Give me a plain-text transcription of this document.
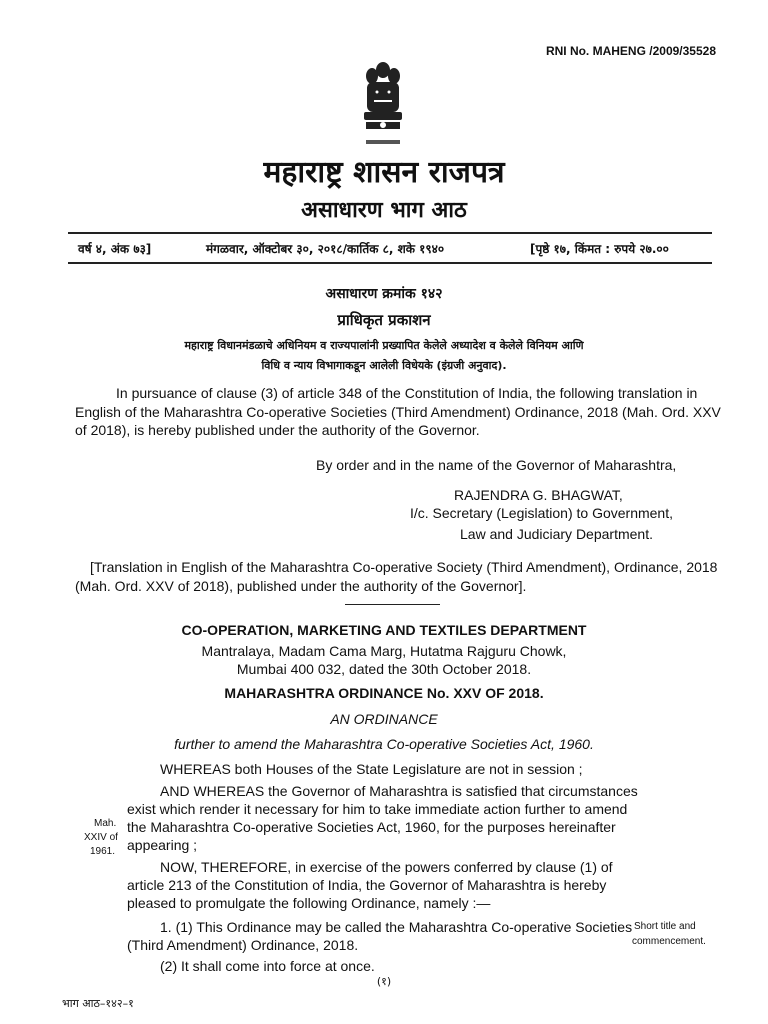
RNI No. MAHENG /2009/35528
महाराष्ट्र शासन राजपत्र
असाधारण भाग आठ
वर्ष ४, अंक ७३]	मंगळवार, ऑक्टोबर ३०, २०१८/कार्तिक ८, शके १९४०	[पृष्ठे १७, किंमत : रुपये २७.००
असाधारण क्रमांक १४२
प्राधिकृत प्रकाशन
महाराष्ट्र विधानमंडळाचे अधिनियम व राज्यपालांनी प्रख्यापित केलेले अध्यादेश व केलेले विनियम आणि
विधि व न्याय विभागाकडून आलेली विधेयके (इंग्रजी अनुवाद).
In pursuance of clause (3) of article 348 of the Constitution of India, the following translation in
English of the Maharashtra Co-operative Societies (Third Amendment) Ordinance, 2018 (Mah. Ord. XXV
of 2018), is hereby published under the authority of the Governor.
By order and in the name of the Governor of Maharashtra,
RAJENDRA G. BHAGWAT,
I/c. Secretary (Legislation) to Government,
Law and Judiciary Department.
[Translation in English of the Maharashtra Co-operative Society (Third Amendment), Ordinance, 2018
(Mah. Ord. XXV of 2018), published under the authority of the Governor].
CO-OPERATION, MARKETING AND TEXTILES DEPARTMENT
Mantralaya, Madam Cama Marg, Hutatma Rajguru Chowk,
Mumbai 400 032, dated the 30th October 2018.
MAHARASHTRA ORDINANCE No. XXV OF 2018.
AN ORDINANCE
further to amend the Maharashtra Co-operative Societies Act, 1960.
WHEREAS both Houses of the State Legislature are not in session ;
AND WHEREAS the Governor of Maharashtra is satisfied that circumstances
exist which render it necessary for him to take immediate action further to amend
the Maharashtra Co-operative Societies Act, 1960, for the purposes hereinafter
appearing ;
NOW, THEREFORE, in exercise of the powers conferred by clause (1) of
article 213 of the Constitution of India, the Governor of Maharashtra is hereby
pleased to promulgate the following Ordinance, namely :—
1. (1) This Ordinance may be called the Maharashtra Co-operative Societies
(Third Amendment) Ordinance, 2018.
(2) It shall come into force at once.
Mah.
XXIV of
1961.
Short title and
commencement.
(१)
भाग आठ–१४२–१
